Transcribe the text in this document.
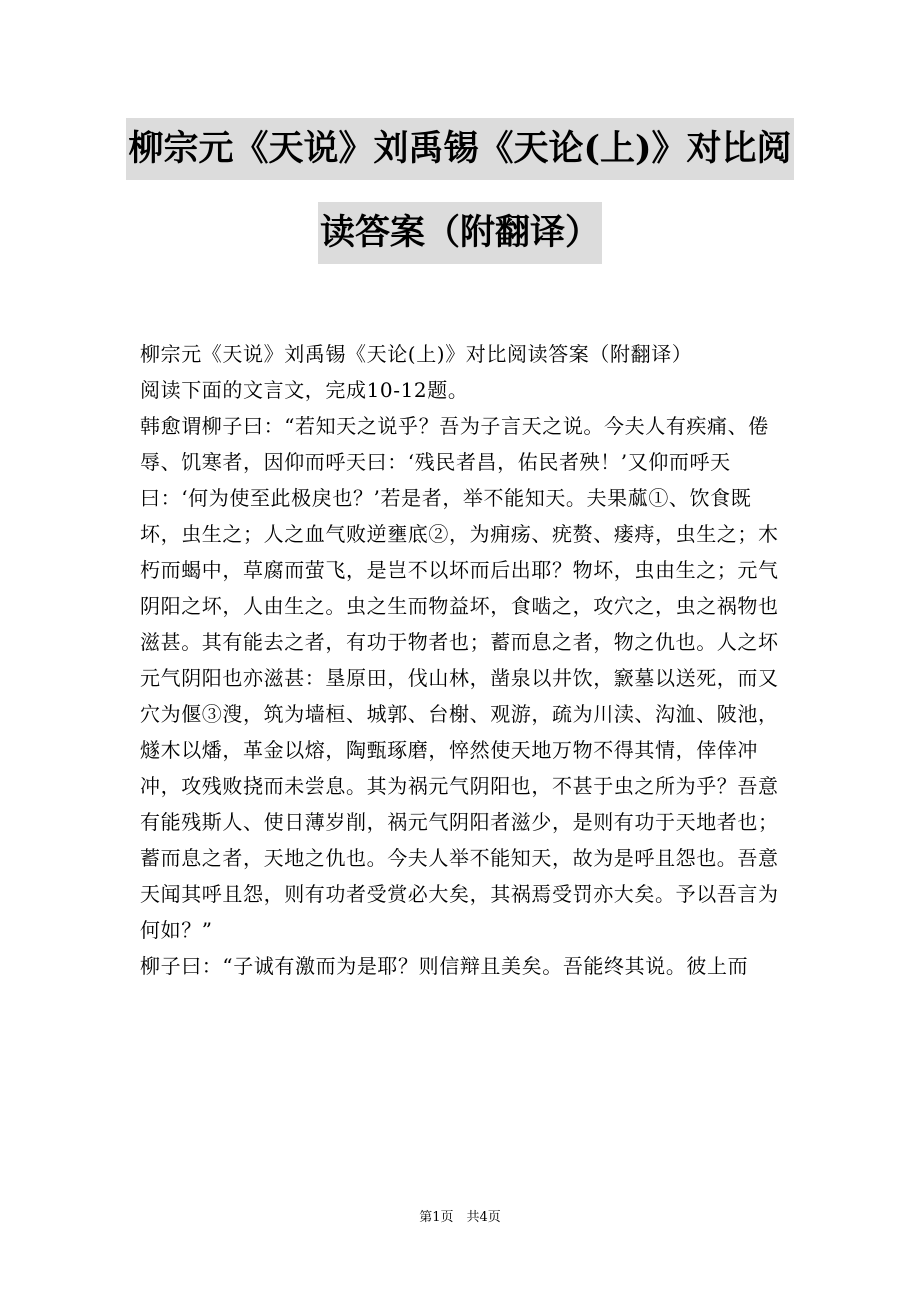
柳宗元《天说》刘禹锡《天论(上)》对比阅
读答案（附翻译）

柳宗元《天说》刘禹锡《天论(上)》对比阅读答案（附翻译）

阅读下面的文言文，完成10-12题。

韩愈谓柳子曰：“若知天之说乎？吾为子言天之说。今夫人有疾痛、倦辱、饥寒者，因仰而呼天曰：‘残民者昌，佑民者殃！’又仰而呼天曰：‘何为使至此极戾也？’若是者，举不能知天。夫果蓏①、饮食既坏，虫生之；人之血气败逆壅底②，为痈疡、疣赘、瘘痔，虫生之；木朽而蝎中，草腐而萤飞，是岂不以坏而后出耶？物坏，虫由生之；元气阴阳之坏，人由生之。虫之生而物益坏，食啮之，攻穴之，虫之祸物也滋甚。其有能去之者，有功于物者也；蓄而息之者，物之仇也。人之坏元气阴阳也亦滋甚：垦原田，伐山林，凿泉以井饮，窾墓以送死，而又穴为偃③溲，筑为墙桓、城郭、台榭、观游，疏为川渎、沟洫、陂池，燧木以燔，革金以熔，陶甄琢磨，悴然使天地万物不得其情，倖倖冲冲，攻残败挠而未尝息。其为祸元气阴阳也，不甚于虫之所为乎？吾意有能残斯人、使日薄岁削，祸元气阴阳者滋少，是则有功于天地者也；蓄而息之者，天地之仇也。今夫人举不能知天，故为是呼且怨也。吾意天闻其呼且怨，则有功者受赏必大矣，其祸焉受罚亦大矣。予以吾言为何如？”

柳子曰：“子诚有激而为是耶？则信辩且美矣。吾能终其说。彼上而

第1页　共4页
